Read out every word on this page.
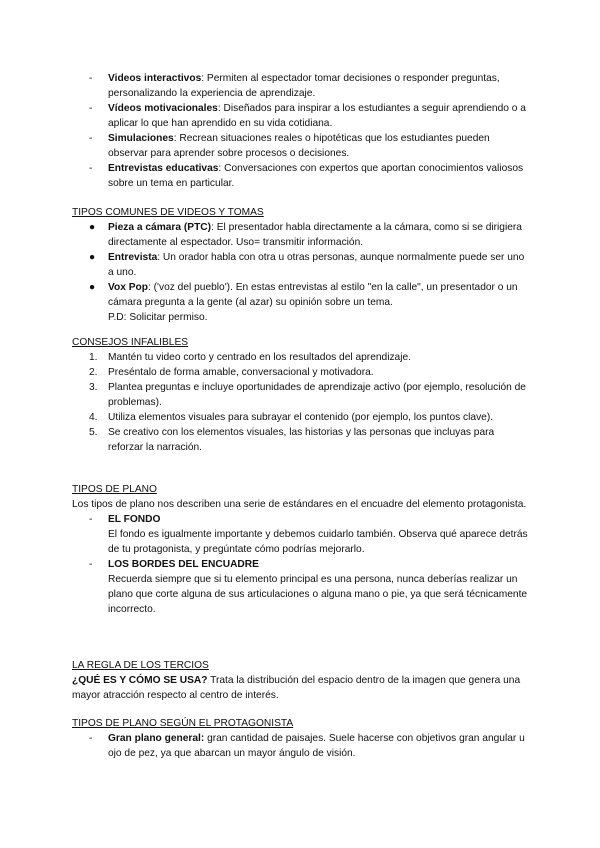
- Videos interactivos: Permiten al espectador tomar decisiones o responder preguntas, personalizando la experiencia de aprendizaje.
- Vídeos motivacionales: Diseñados para inspirar a los estudiantes a seguir aprendiendo o a aplicar lo que han aprendido en su vida cotidiana.
- Simulaciones: Recrean situaciones reales o hipotéticas que los estudiantes pueden observar para aprender sobre procesos o decisiones.
- Entrevistas educativas: Conversaciones con expertos que aportan conocimientos valiosos sobre un tema en particular.
TIPOS COMUNES DE VIDEOS Y TOMAS
● Pieza a cámara (PTC): El presentador habla directamente a la cámara, como si se dirigiera directamente al espectador. Uso= transmitir información.
● Entrevista: Un orador habla con otra u otras personas, aunque normalmente puede ser uno a uno.
● Vox Pop: ('voz del pueblo'). En estas entrevistas al estilo "en la calle", un presentador o un cámara pregunta a la gente (al azar) su opinión sobre un tema.
P.D: Solicitar permiso.
CONSEJOS INFALIBLES
1. Mantén tu video corto y centrado en los resultados del aprendizaje.
2. Preséntalo de forma amable, conversacional y motivadora.
3. Plantea preguntas e incluye oportunidades de aprendizaje activo (por ejemplo, resolución de problemas).
4. Utiliza elementos visuales para subrayar el contenido (por ejemplo, los puntos clave).
5. Se creativo con los elementos visuales, las historias y las personas que incluyas para reforzar la narración.
TIPOS DE PLANO

Los tipos de plano nos describen una serie de estándares en el encuadre del elemento protagonista.

- EL FONDO
El fondo es igualmente importante y debemos cuidarlo también. Observa qué aparece detrás de tu protagonista, y pregúntate cómo podrías mejorarlo.
- LOS BORDES DEL ENCUADRE
Recuerda siempre que si tu elemento principal es una persona, nunca deberías realizar un plano que corte alguna de sus articulaciones o alguna mano o pie, ya que será técnicamente incorrecto.
LA REGLA DE LOS TERCIOS

¿QUÉ ES Y CÓMO SE USA? Trata la distribución del espacio dentro de la imagen que genera una mayor atracción respecto al centro de interés.

TIPOS DE PLANO SEGÚN EL PROTAGONISTA
- Gran plano general: gran cantidad de paisajes. Suele hacerse con objetivos gran angular u ojo de pez, ya que abarcan un mayor ángulo de visión.
